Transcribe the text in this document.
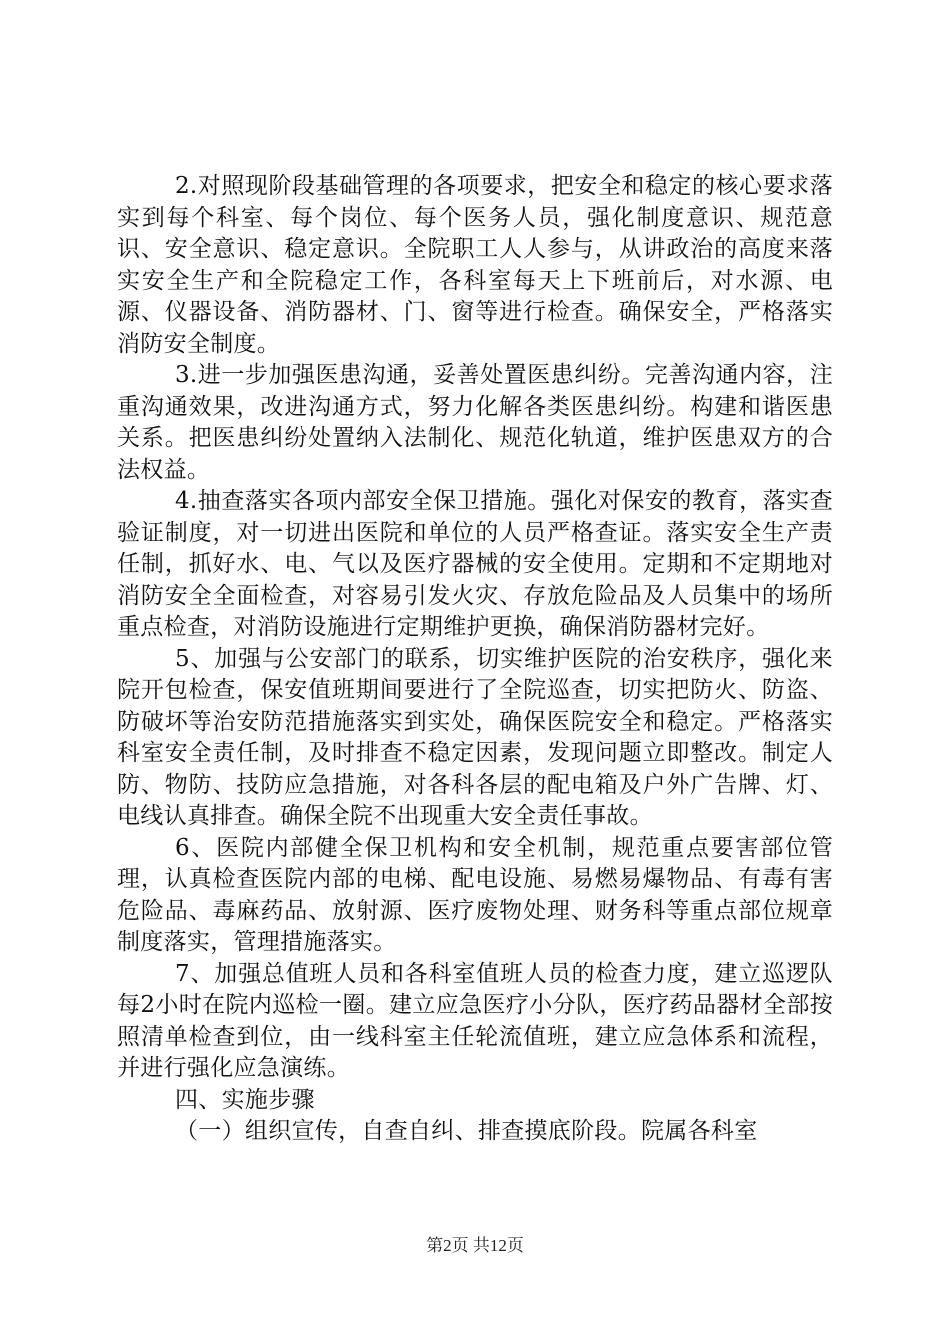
2.对照现阶段基础管理的各项要求，把安全和稳定的核心要求落实到每个科室、每个岗位、每个医务人员，强化制度意识、规范意识、安全意识、稳定意识。全院职工人人参与，从讲政治的高度来落实安全生产和全院稳定工作，各科室每天上下班前后，对水源、电源、仪器设备、消防器材、门、窗等进行检查。确保安全，严格落实消防安全制度。

3.进一步加强医患沟通，妥善处置医患纠纷。完善沟通内容，注重沟通效果，改进沟通方式，努力化解各类医患纠纷。构建和谐医患关系。把医患纠纷处置纳入法制化、规范化轨道，维护医患双方的合法权益。

4.抽查落实各项内部安全保卫措施。强化对保安的教育，落实查验证制度，对一切进出医院和单位的人员严格查证。落实安全生产责任制，抓好水、电、气以及医疗器械的安全使用。定期和不定期地对消防安全全面检查，对容易引发火灾、存放危险品及人员集中的场所重点检查，对消防设施进行定期维护更换，确保消防器材完好。

5、加强与公安部门的联系，切实维护医院的治安秩序，强化来院开包检查，保安值班期间要进行了全院巡查，切实把防火、防盗、防破坏等治安防范措施落实到实处，确保医院安全和稳定。严格落实科室安全责任制，及时排查不稳定因素，发现问题立即整改。制定人防、物防、技防应急措施，对各科各层的配电箱及户外广告牌、灯、电线认真排查。确保全院不出现重大安全责任事故。

6、医院内部健全保卫机构和安全机制，规范重点要害部位管理，认真检查医院内部的电梯、配电设施、易燃易爆物品、有毒有害危险品、毒麻药品、放射源、医疗废物处理、财务科等重点部位规章制度落实，管理措施落实。

7、加强总值班人员和各科室值班人员的检查力度，建立巡逻队每2小时在院内巡检一圈。建立应急医疗小分队，医疗药品器材全部按照清单检查到位，由一线科室主任轮流值班，建立应急体系和流程，并进行强化应急演练。

四、实施步骤

（一）组织宣传，自查自纠、排查摸底阶段。院属各科室

第2页 共12页
